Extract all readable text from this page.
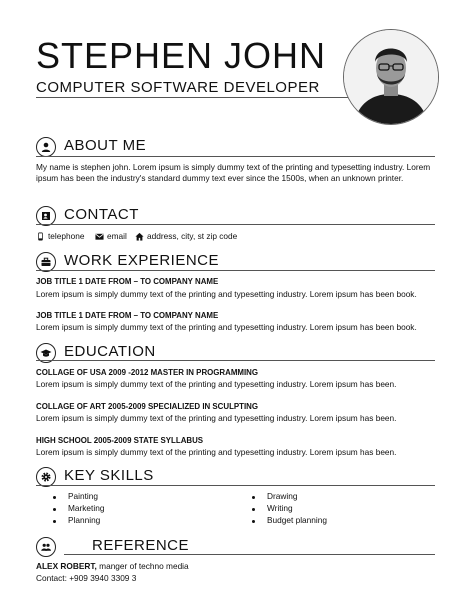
STEPHEN JOHN
COMPUTER SOFTWARE DEVELOPER
ABOUT ME
My name is stephen john. Lorem ipsum is simply dummy text of the printing and typesetting industry. Lorem ipsum has been the industry's standard dummy text ever since the 1500s, when an unknown printer.
CONTACT
telephone	email address, city, st zip code
WORK EXPERIENCE
JOB TITLE 1 DATE FROM – TO COMPANY NAME
Lorem ipsum is simply dummy text of the printing and typesetting industry. Lorem ipsum has been book.
JOB TITLE 1 DATE FROM – TO COMPANY NAME
Lorem ipsum is simply dummy text of the printing and typesetting industry. Lorem ipsum has been book.
EDUCATION
COLLAGE OF USA 2009 -2012 MASTER IN PROGRAMMING
Lorem ipsum is simply dummy text of the printing and typesetting industry. Lorem ipsum has been.
COLLAGE OF ART 2005-2009 SPECIALIZED IN SCULPTING
Lorem ipsum is simply dummy text of the printing and typesetting industry. Lorem ipsum has been.
HIGH SCHOOL 2005-2009 STATE SYLLABUS
Lorem ipsum is simply dummy text of the printing and typesetting industry. Lorem ipsum has been.
KEY SKILLS
Painting
Marketing
Planning
Drawing
Writing
Budget planning
REFERENCE
ALEX ROBERT, manger of techno media
Contact: +909 3940 3309 3
